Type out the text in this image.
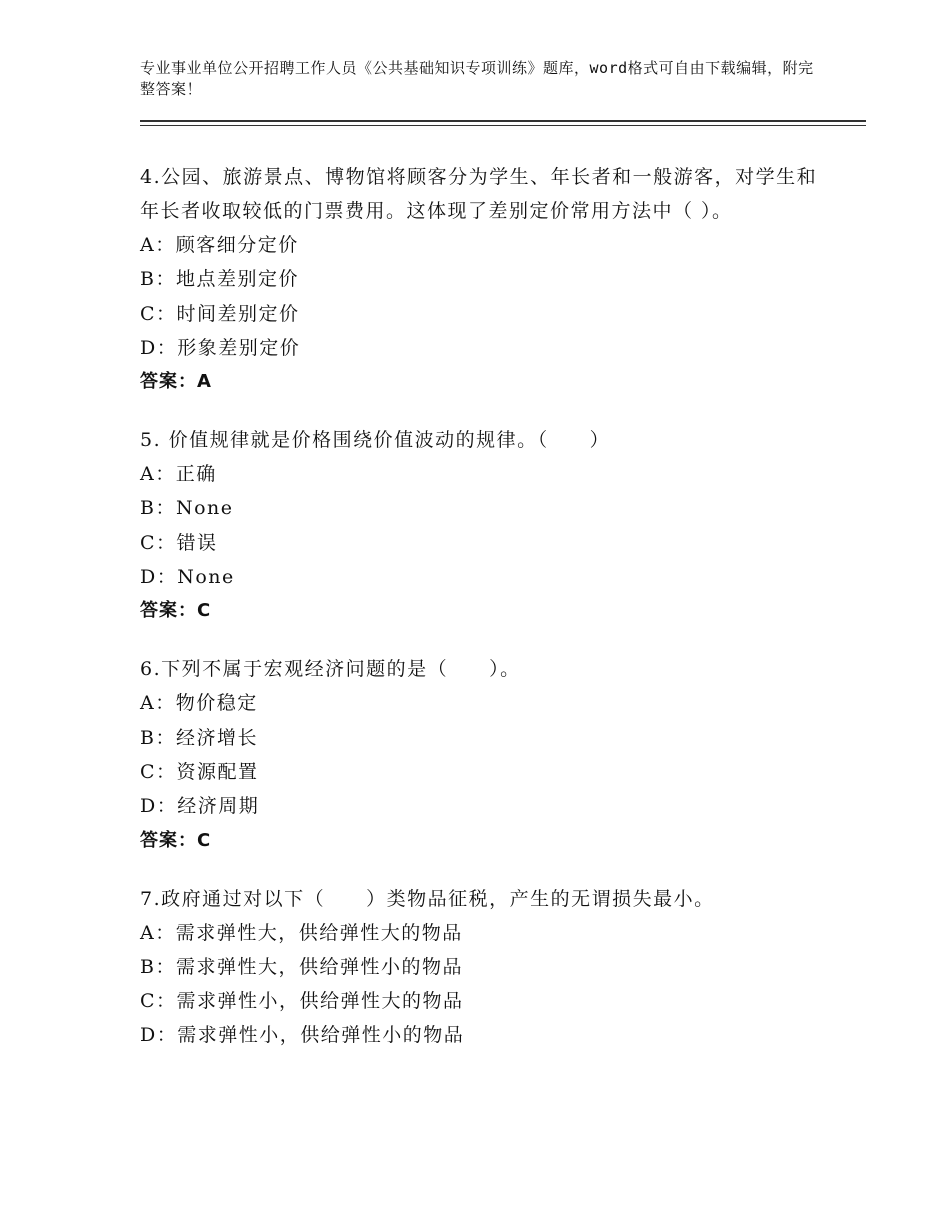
专业事业单位公开招聘工作人员《公共基础知识专项训练》题库，word格式可自由下载编辑，附完整答案！
4.公园、旅游景点、博物馆将顾客分为学生、年长者和一般游客，对学生和年长者收取较低的门票费用。这体现了差别定价常用方法中（ ）。
A：顾客细分定价
B：地点差别定价
C：时间差别定价
D：形象差别定价
答案：A
5. 价值规律就是价格围绕价值波动的规律。（　　）
A：正确
B：None
C：错误
D：None
答案：C
6.下列不属于宏观经济问题的是（　　）。
A：物价稳定
B：经济增长
C：资源配置
D：经济周期
答案：C
7.政府通过对以下（　　）类物品征税，产生的无谓损失最小。
A：需求弹性大，供给弹性大的物品
B：需求弹性大，供给弹性小的物品
C：需求弹性小，供给弹性大的物品
D：需求弹性小，供给弹性小的物品
